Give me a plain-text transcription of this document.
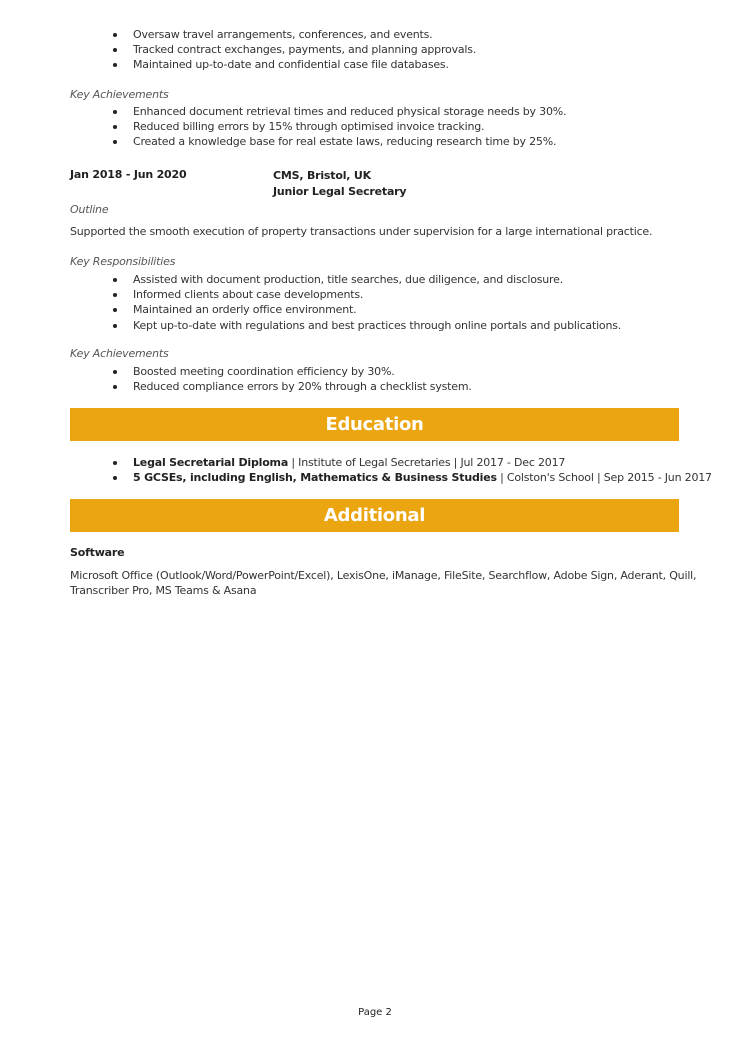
Oversaw travel arrangements, conferences, and events.
Tracked contract exchanges, payments, and planning approvals.
Maintained up-to-date and confidential case file databases.
Key Achievements
Enhanced document retrieval times and reduced physical storage needs by 30%.
Reduced billing errors by 15% through optimised invoice tracking.
Created a knowledge base for real estate laws, reducing research time by 25%.
Jan 2018 - Jun 2020	CMS, Bristol, UK
Junior Legal Secretary
Outline
Supported the smooth execution of property transactions under supervision for a large international practice.
Key Responsibilities
Assisted with document production, title searches, due diligence, and disclosure.
Informed clients about case developments.
Maintained an orderly office environment.
Kept up-to-date with regulations and best practices through online portals and publications.
Key Achievements
Boosted meeting coordination efficiency by 30%.
Reduced compliance errors by 20% through a checklist system.
Education
Legal Secretarial Diploma | Institute of Legal Secretaries | Jul 2017 - Dec 2017
5 GCSEs, including English, Mathematics & Business Studies | Colston's School | Sep 2015 - Jun 2017
Additional
Software
Microsoft Office (Outlook/Word/PowerPoint/Excel), LexisOne, iManage, FileSite, Searchflow, Adobe Sign, Aderant, Quill,
Transcriber Pro, MS Teams & Asana
Page 2
